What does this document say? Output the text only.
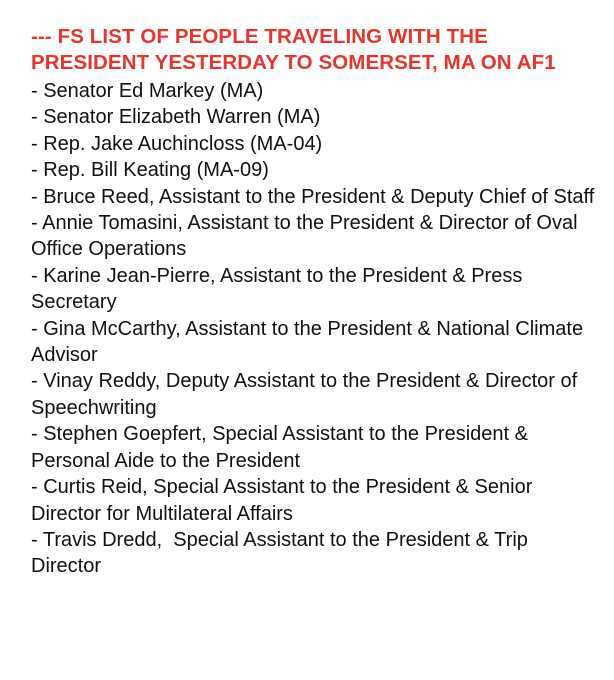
--- FS LIST OF PEOPLE TRAVELING WITH THE PRESIDENT YESTERDAY TO SOMERSET, MA ON AF1
- Senator Ed Markey (MA)
- Senator Elizabeth Warren (MA)
- Rep. Jake Auchincloss (MA-04)
- Rep. Bill Keating (MA-09)
- Bruce Reed, Assistant to the President & Deputy Chief of Staff
- Annie Tomasini, Assistant to the President & Director of Oval Office Operations
- Karine Jean-Pierre, Assistant to the President & Press Secretary
- Gina McCarthy, Assistant to the President & National Climate Advisor
- Vinay Reddy, Deputy Assistant to the President & Director of Speechwriting
- Stephen Goepfert, Special Assistant to the President & Personal Aide to the President
- Curtis Reid, Special Assistant to the President & Senior Director for Multilateral Affairs
- Travis Dredd,  Special Assistant to the President & Trip Director
